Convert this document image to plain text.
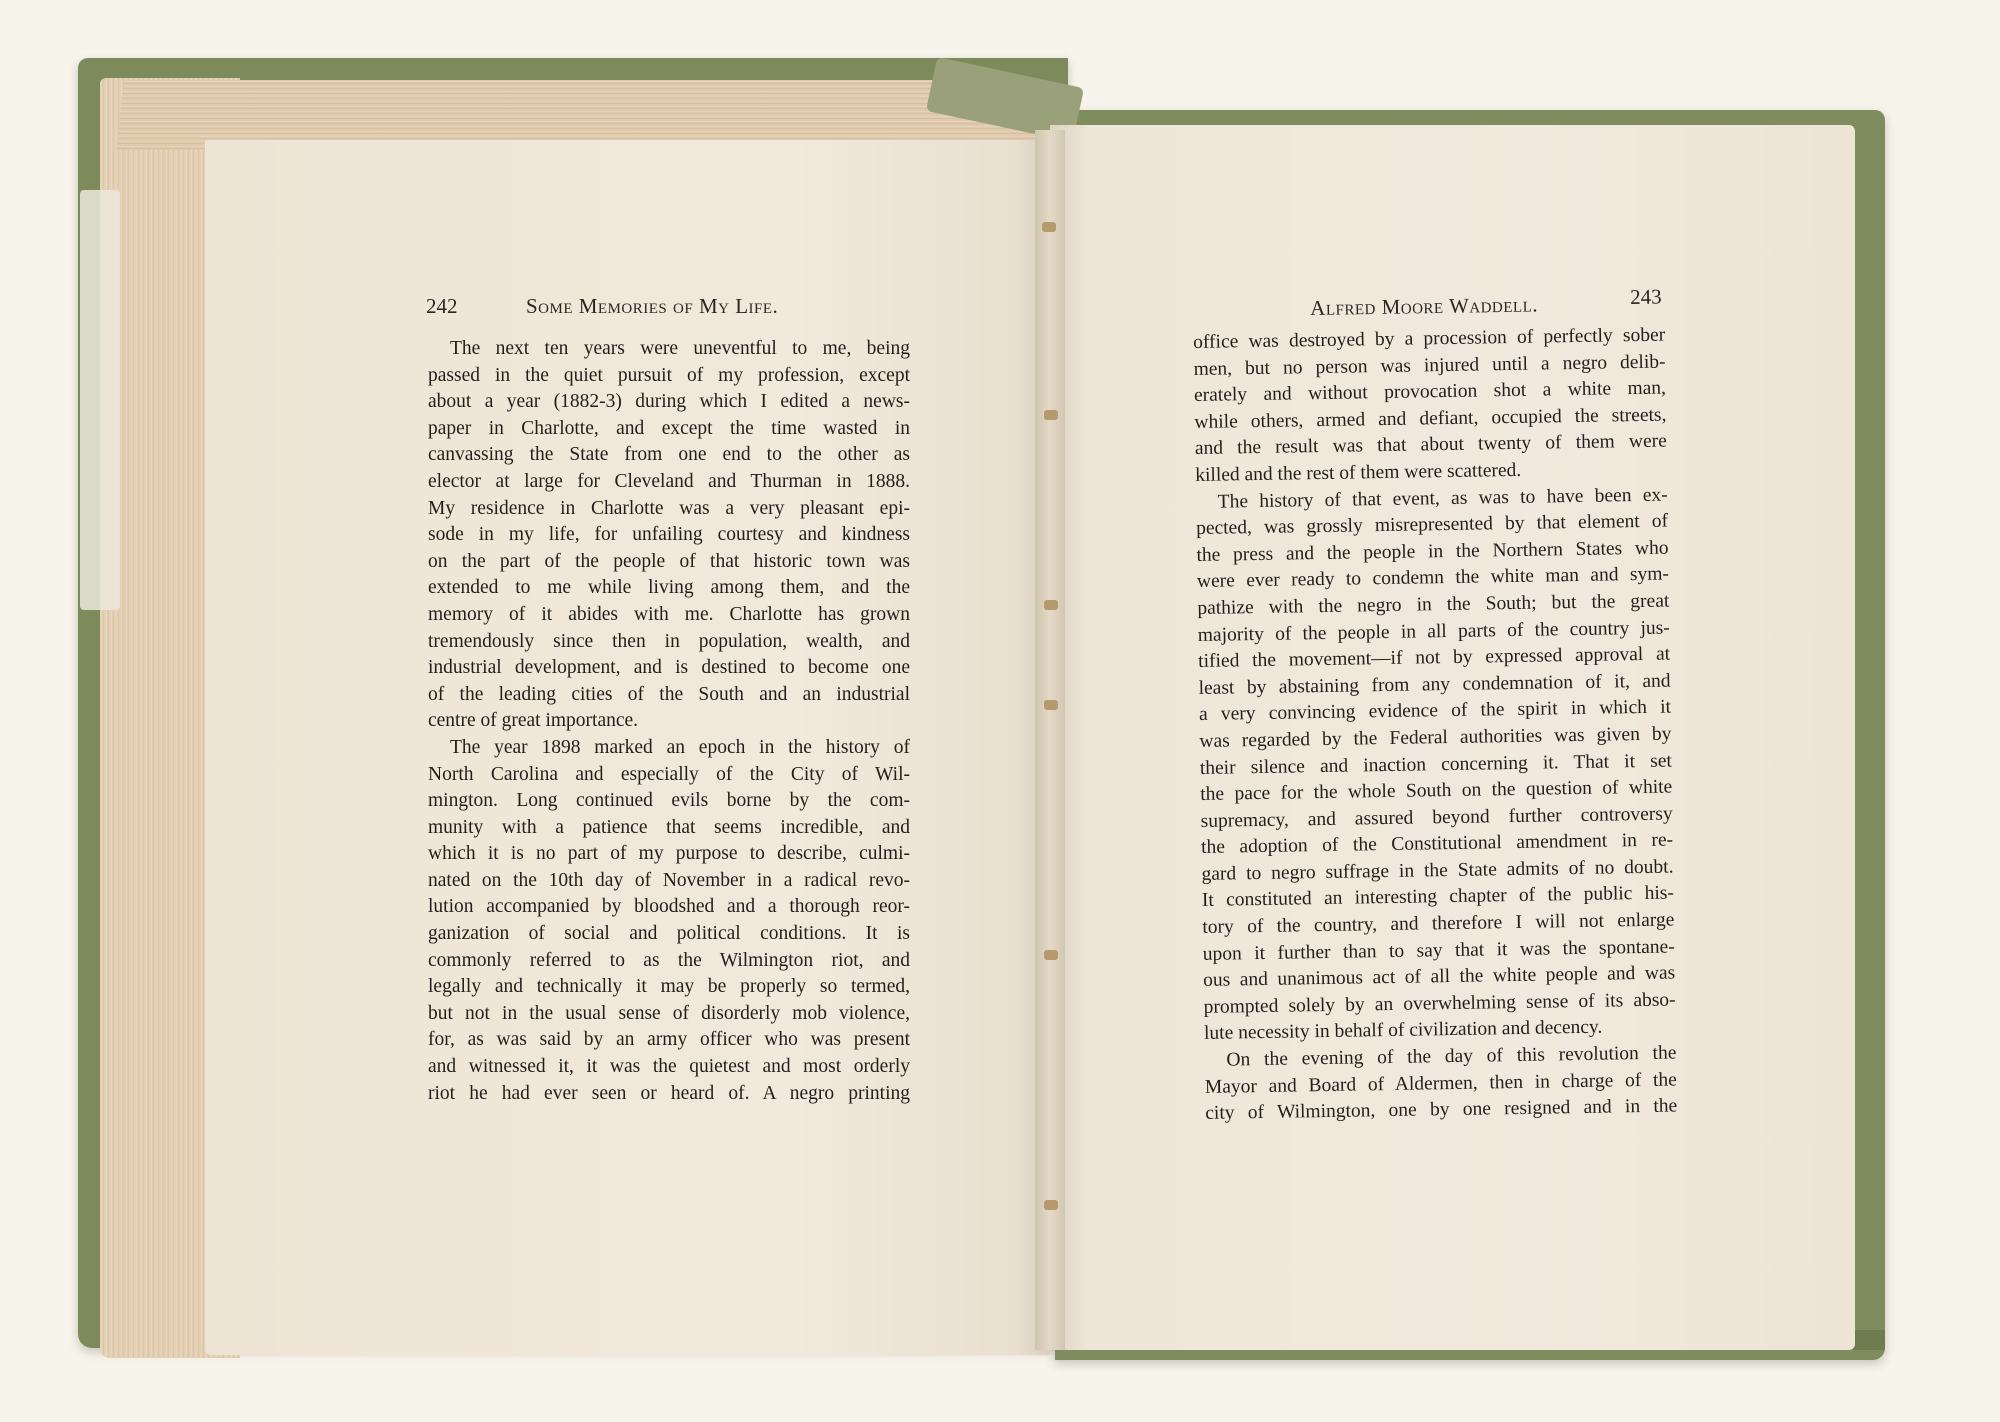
242	Some Memories of My Life.	Alfred Moore Waddell.	243
The next ten years were uneventful to me, being
passed in the quiet pursuit of my profession, except
about a year (1882-3) during which I edited a news-
paper in Charlotte, and except the time wasted in
canvassing the State from one end to the other as
elector at large for Cleveland and Thurman in 1888.
My residence in Charlotte was a very pleasant epi-
sode in my life, for unfailing courtesy and kindness
on the part of the people of that historic town was
extended to me while living among them, and the
memory of it abides with me. Charlotte has grown
tremendously since then in population, wealth, and
industrial development, and is destined to become one
of the leading cities of the South and an industrial
centre of great importance.
The year 1898 marked an epoch in the history of
North Carolina and especially of the City of Wil-
mington. Long continued evils borne by the com-
munity with a patience that seems incredible, and
which it is no part of my purpose to describe, culmi-
nated on the 10th day of November in a radical revo-
lution accompanied by bloodshed and a thorough reor-
ganization of social and political conditions. It is
commonly referred to as the Wilmington riot, and
legally and technically it may be properly so termed,
but not in the usual sense of disorderly mob violence,
for, as was said by an army officer who was present
and witnessed it, it was the quietest and most orderly
riot he had ever seen or heard of. A negro printing
office was destroyed by a procession of perfectly sober
men, but no person was injured until a negro delib-
erately and without provocation shot a white man,
while others, armed and defiant, occupied the streets,
and the result was that about twenty of them were
killed and the rest of them were scattered.
The history of that event, as was to have been ex-
pected, was grossly misrepresented by that element of
the press and the people in the Northern States who
were ever ready to condemn the white man and sym-
pathize with the negro in the South; but the great
majority of the people in all parts of the country jus-
tified the movement—if not by expressed approval at
least by abstaining from any condemnation of it, and
a very convincing evidence of the spirit in which it
was regarded by the Federal authorities was given by
their silence and inaction concerning it. That it set
the pace for the whole South on the question of white
supremacy, and assured beyond further controversy
the adoption of the Constitutional amendment in re-
gard to negro suffrage in the State admits of no doubt.
It constituted an interesting chapter of the public his-
tory of the country, and therefore I will not enlarge
upon it further than to say that it was the spontane-
ous and unanimous act of all the white people and was
prompted solely by an overwhelming sense of its abso-
lute necessity in behalf of civilization and decency.
On the evening of the day of this revolution the
Mayor and Board of Aldermen, then in charge of the
city of Wilmington, one by one resigned and in the
